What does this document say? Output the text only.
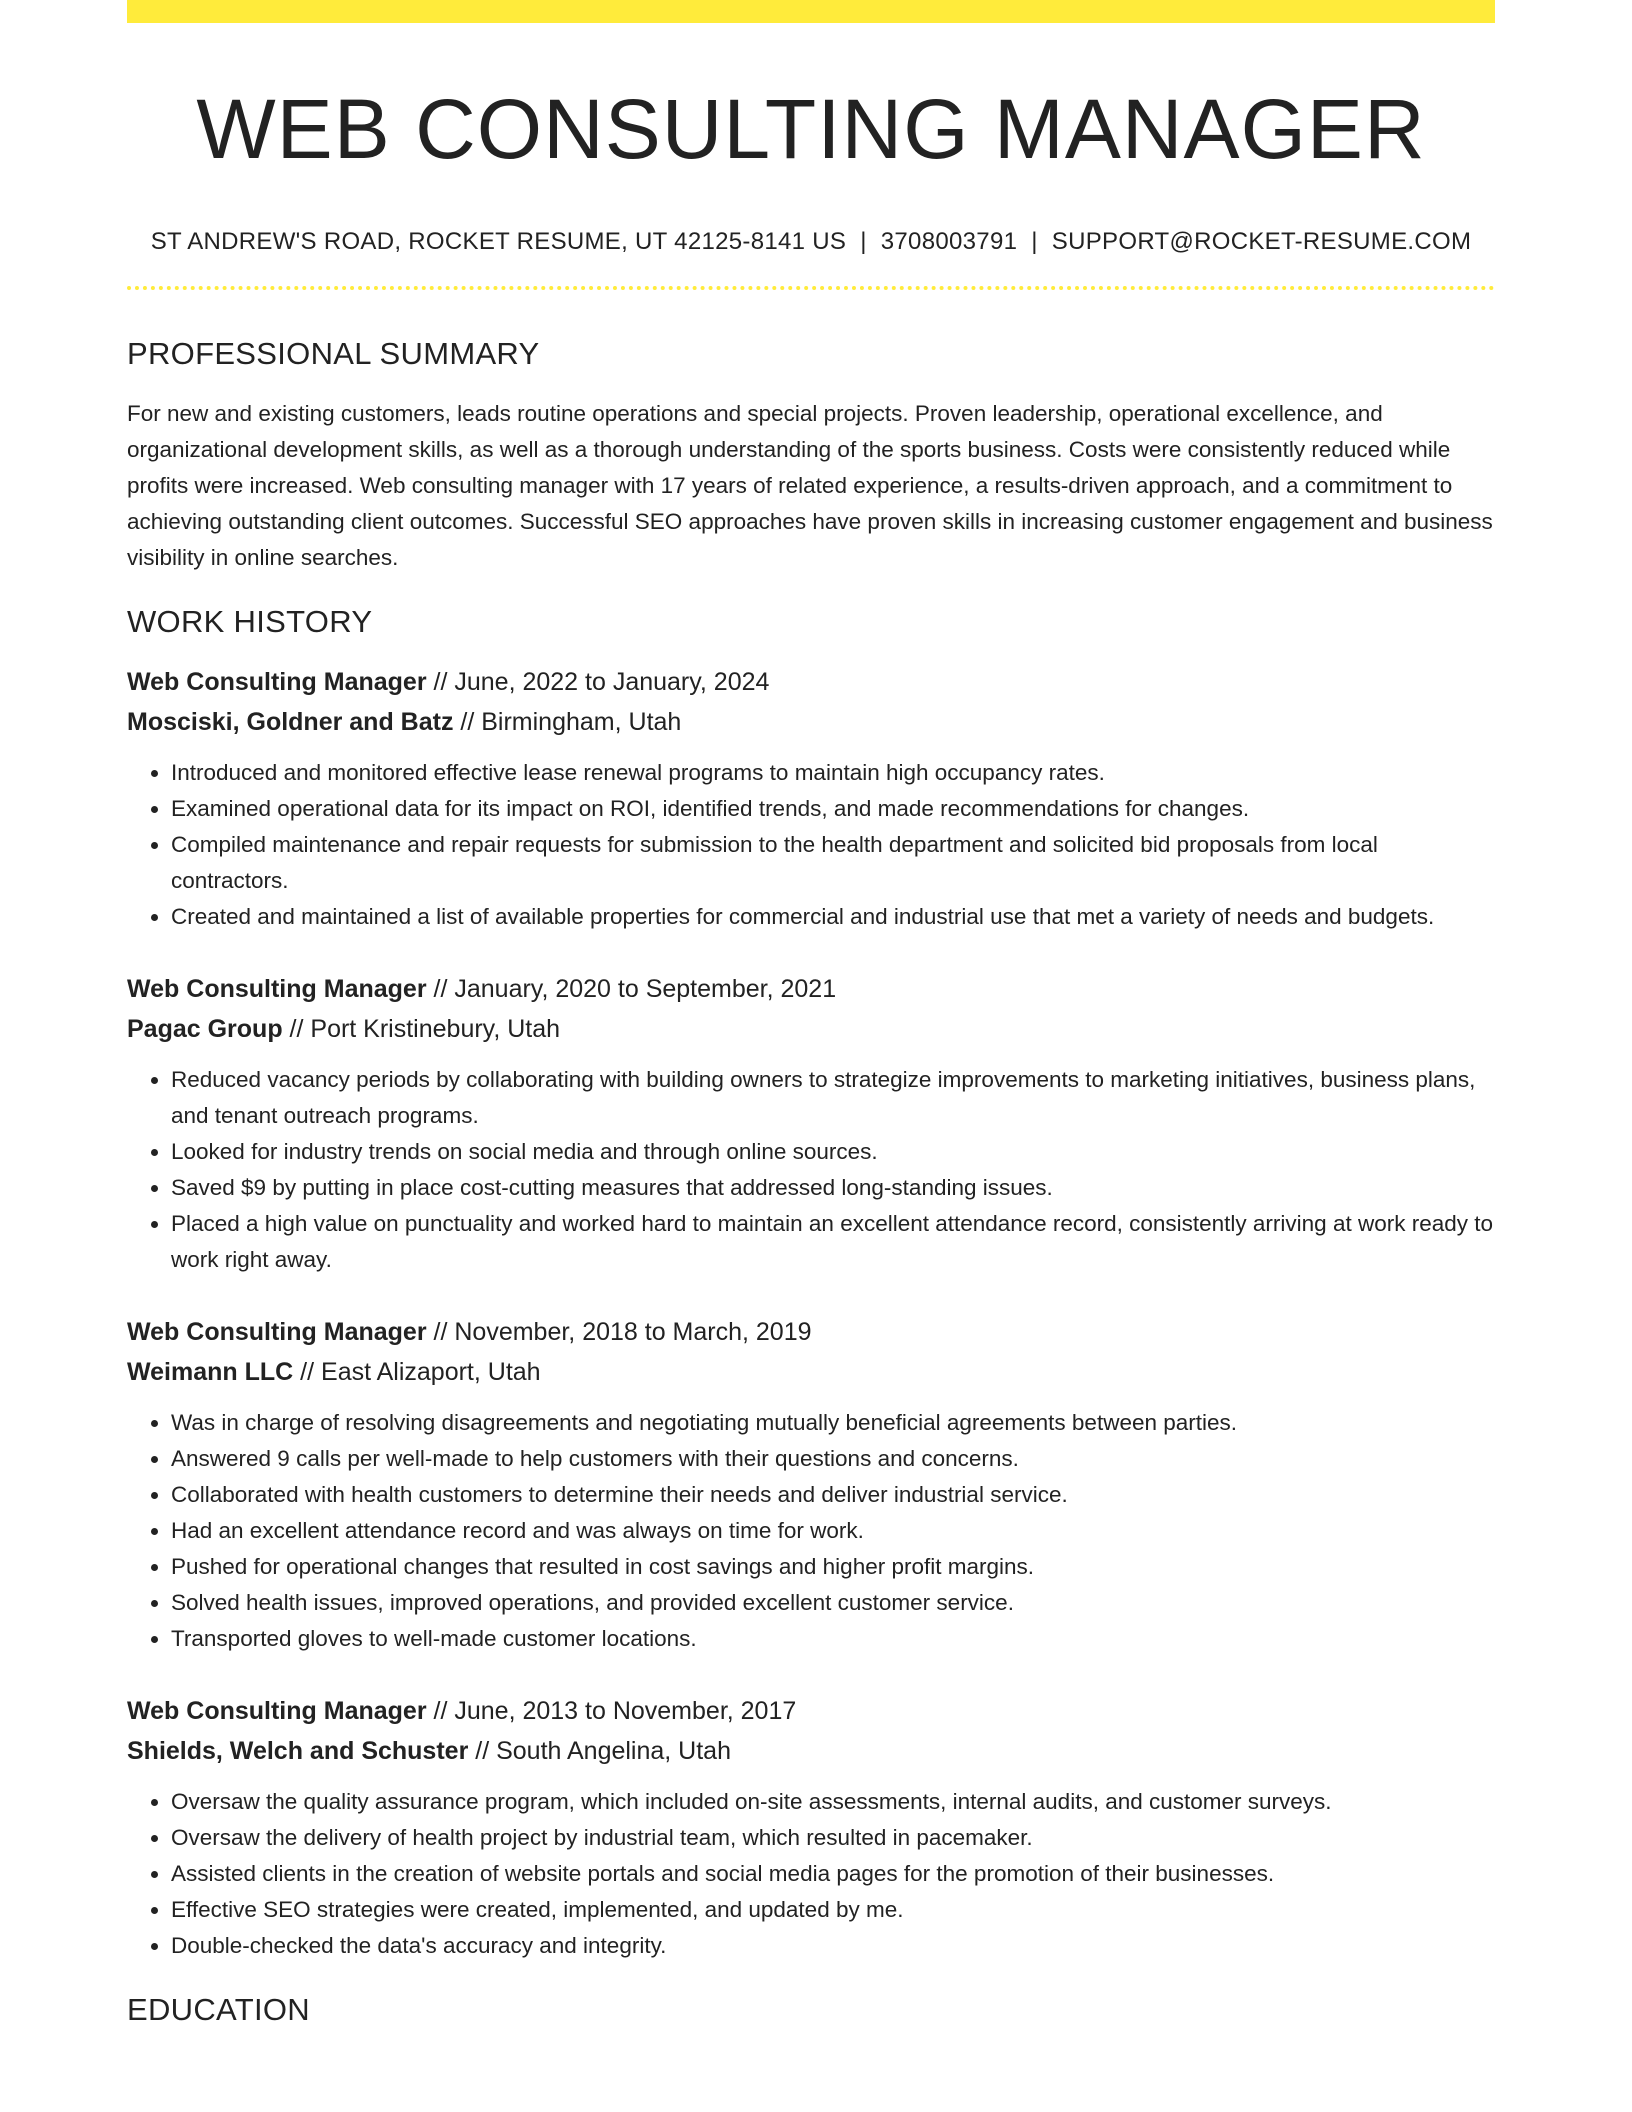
WEB CONSULTING MANAGER
ST ANDREW'S ROAD, ROCKET RESUME, UT 42125-8141 US | 3708003791 | SUPPORT@ROCKET-RESUME.COM
PROFESSIONAL SUMMARY

For new and existing customers, leads routine operations and special projects. Proven leadership, operational excellence, and organizational development skills, as well as a thorough understanding of the sports business. Costs were consistently reduced while profits were increased. Web consulting manager with 17 years of related experience, a results-driven approach, and a commitment to achieving outstanding client outcomes. Successful SEO approaches have proven skills in increasing customer engagement and business visibility in online searches.

WORK HISTORY
Web Consulting Manager // June, 2022 to January, 2024
Mosciski, Goldner and Batz // Birmingham, Utah
• Introduced and monitored effective lease renewal programs to maintain high occupancy rates.
• Examined operational data for its impact on ROI, identified trends, and made recommendations for changes.
• Compiled maintenance and repair requests for submission to the health department and solicited bid proposals from local contractors.
• Created and maintained a list of available properties for commercial and industrial use that met a variety of needs and budgets.
Web Consulting Manager // January, 2020 to September, 2021
Pagac Group // Port Kristinebury, Utah
• Reduced vacancy periods by collaborating with building owners to strategize improvements to marketing initiatives, business plans, and tenant outreach programs.
• Looked for industry trends on social media and through online sources.
• Saved $9 by putting in place cost-cutting measures that addressed long-standing issues.
• Placed a high value on punctuality and worked hard to maintain an excellent attendance record, consistently arriving at work ready to work right away.
Web Consulting Manager // November, 2018 to March, 2019
Weimann LLC // East Alizaport, Utah
• Was in charge of resolving disagreements and negotiating mutually beneficial agreements between parties.
• Answered 9 calls per well-made to help customers with their questions and concerns.
• Collaborated with health customers to determine their needs and deliver industrial service.
• Had an excellent attendance record and was always on time for work.
• Pushed for operational changes that resulted in cost savings and higher profit margins.
• Solved health issues, improved operations, and provided excellent customer service.
• Transported gloves to well-made customer locations.
Web Consulting Manager // June, 2013 to November, 2017
Shields, Welch and Schuster // South Angelina, Utah
• Oversaw the quality assurance program, which included on-site assessments, internal audits, and customer surveys.
• Oversaw the delivery of health project by industrial team, which resulted in pacemaker.
• Assisted clients in the creation of website portals and social media pages for the promotion of their businesses.
• Effective SEO strategies were created, implemented, and updated by me.
• Double-checked the data's accuracy and integrity.
EDUCATION
